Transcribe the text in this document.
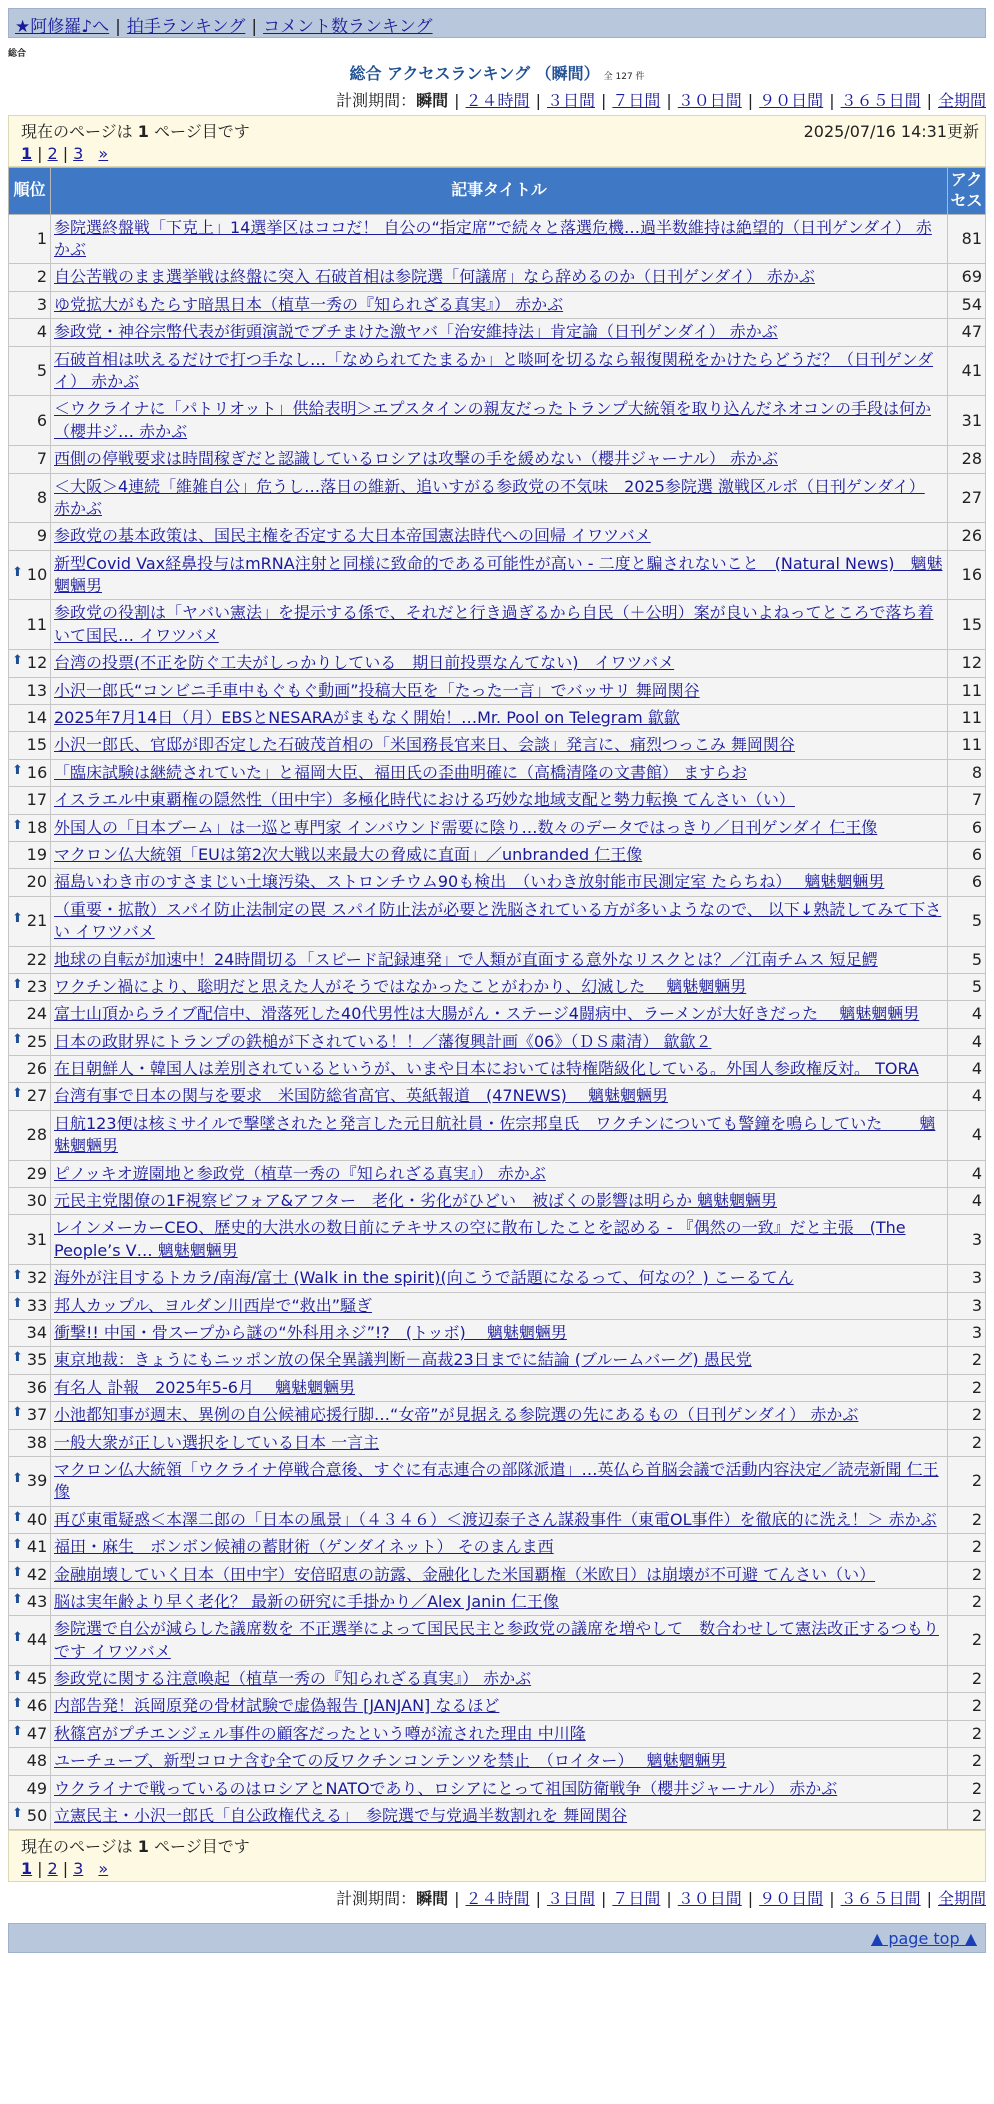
★阿修羅♪へ | 拍手ランキング | コメント数ランキング
総合
総合 アクセスランキング （瞬間） 全 127 件
計測期間：瞬間 | ２４時間 | ３日間 | ７日間 | ３０日間 | ９０日間 | ３６５日間 | 全期間
現在のページは 1 ページ目です	2025/07/16 14:31更新
1 | 2 | 3 »
順位	記事タイトル	アクセス
1	参院選終盤戦「下克上」14選挙区はココだ！ 自公の“指定席”で続々と落選危機…過半数維持は絶望的（日刊ゲンダイ） 赤かぶ	81
2	自公苦戦のまま選挙戦は終盤に突入 石破首相は参院選「何議席」なら辞めるのか（日刊ゲンダイ） 赤かぶ	69
3	ゆ党拡大がもたらす暗黒日本（植草一秀の『知られざる真実』） 赤かぶ	54
4	参政党・神谷宗幣代表が街頭演説でブチまけた激ヤバ「治安維持法」肯定論（日刊ゲンダイ） 赤かぶ	47
5	石破首相は吠えるだけで打つ手なし…「なめられてたまるか」と啖呵を切るなら報復関税をかけたらどうだ？（日刊ゲンダイ） 赤かぶ	41
6	＜ウクライナに「パトリオット」供給表明＞エプスタインの親友だったトランプ大統領を取り込んだネオコンの手段は何か（櫻井ジ… 赤かぶ	31
7	西側の停戦要求は時間稼ぎだと認識しているロシアは攻撃の手を緩めない（櫻井ジャーナル） 赤かぶ	28
8	＜大阪＞4連続「維雑自公」危うし…落日の維新、追いすがる参政党の不気味　2025参院選 激戦区ルポ（日刊ゲンダイ） 赤かぶ	27
9	参政党の基本政策は、国民主権を否定する大日本帝国憲法時代への回帰 イワツバメ	26

⬆ 10	新型Covid Vax経鼻投与はmRNA注射と同様に致命的である可能性が高い - 二度と騙されないこと　(Natural News)　魑魅魍魎男	16
11	参政党の役割は「ヤバい憲法」を提示する係で、それだと行き過ぎるから自民（＋公明）案が良いよねってところで落ち着いて国民… イワツバメ	15

⬆ 12	台湾の投票(不正を防ぐ工夫がしっかりしている　期日前投票なんてない)　イワツバメ	12
13	小沢一郎氏“コンビニ手車中もぐもぐ動画”投稿大臣を「たった一言」でバッサリ 舞岡関谷	11
14	2025年7月14日（月）EBSとNESARAがまもなく開始！…Mr. Pool on Telegram 歙歙	11
15	小沢一郎氏、官邸が即否定した石破茂首相の「米国務長官来日、会談」発言に、痛烈つっこみ 舞岡関谷	11

⬆ 16	「臨床試験は継続されていた」と福岡大臣、福田氏の歪曲明確に（高橋清隆の文書館） ますらお	8
17	イスラエル中東覇権の隠然性（田中宇）多極化時代における巧妙な地域支配と勢力転換 てんさい（い）	7

⬆ 18	外国人の「日本ブーム」は一巡と専門家 インバウンド需要に陰り…数々のデータではっきり／日刊ゲンダイ 仁王像	6
19	マクロン仏大統領「EUは第2次大戦以来最大の脅威に直面」／unbranded 仁王像	6
20	福島いわき市のすさまじい土壌汚染、ストロンチウム90も検出　（いわき放射能市民測定室 たらちね）　 魑魅魍魎男	6

⬆ 21	（重要・拡散）スパイ防止法制定の罠 スパイ防止法が必要と洗脳されている方が多いようなので、 以下↓熟読してみて下さい イワツバメ	5
22	地球の自転が加速中！24時間切る「スピード記録連発」で人類が直面する意外なリスクとは？／江南チムス 短足鰐	5

⬆ 23	ワクチン禍により、聡明だと思えた人がそうではなかったことがわかり、幻滅した　 魑魅魍魎男	5
24	富士山頂からライブ配信中、滑落死した40代男性は大腸がん・ステージ4闘病中、ラーメンが大好きだった　 魑魅魍魎男	4

⬆ 25	日本の政財界にトランプの鉄槌が下されている！！／藩復興計画《06》（ＤＳ粛清） 歙歙２	4
26	在日朝鮮人・韓国人は差別されているというが、いまや日本においては特権階級化している。外国人参政権反対。 TORA	4

⬆ 27	台湾有事で日本の関与を要求　米国防総省高官、英紙報道　(47NEWS)　 魑魅魍魎男	4
28	日航123便は核ミサイルで撃墜されたと発言した元日航社員・佐宗邦皇氏　ワクチンについても警鐘を鳴らしていた　　 魑魅魍魎男	4
29	ピノッキオ遊園地と参政党（植草一秀の『知られざる真実』） 赤かぶ	4
30	元民主党閣僚の1F視察ビフォア&アフター　老化・劣化がひどい　被ばくの影響は明らか 魑魅魍魎男	4
31	レインメーカーCEO、歴史的大洪水の数日前にテキサスの空に散布したことを認める - 『偶然の一致』だと主張　(The People’s V… 魑魅魍魎男	3

⬆ 32	海外が注目するトカラ/南海/富士 (Walk in the spirit)(向こうで話題になるって、何なの？) こーるてん	3

⬆ 33	邦人カップル、ヨルダン川西岸で“救出”騒ぎ	3
34	衝撃!! 中国・骨スープから謎の“外科用ネジ”!?　(トッボ)　 魑魅魍魎男	3

⬆ 35	東京地裁：きょうにもニッポン放の保全異議判断－高裁23日までに結論 (ブルームバーグ) 愚民党	2
36	有名人 訃報　2025年5-6月　 魑魅魍魎男	2

⬆ 37	小池都知事が週末、異例の自公候補応援行脚…“女帝”が見据える参院選の先にあるもの（日刊ゲンダイ） 赤かぶ	2
38	一般大衆が正しい選択をしている日本 一言主	2

⬆ 39	マクロン仏大統領「ウクライナ停戦合意後、すぐに有志連合の部隊派遣」…英仏ら首脳会議で活動内容決定／読売新聞 仁王像	2

⬆ 40	再び東電疑惑＜本澤二郎の「日本の風景」（４３４６）＜渡辺泰子さん謀殺事件（東電OL事件）を徹底的に洗え！＞ 赤かぶ	2

⬆ 41	福田・麻生　ボンボン候補の蓄財術（ゲンダイネット） そのまんま西	2

⬆ 42	金融崩壊していく日本（田中宇）安倍昭恵の訪露、金融化した米国覇権（米欧日）は崩壊が不可避 てんさい（い）	2

⬆ 43	脳は実年齢より早く老化？ 最新の研究に手掛かり／Alex Janin 仁王像	2

⬆ 44	参院選で自公が減らした議席数を 不正選挙によって国民民主と参政党の議席を増やして　数合わせして憲法改正するつもりです イワツバメ	2

⬆ 45	参政党に関する注意喚起（植草一秀の『知られざる真実』） 赤かぶ	2

⬆ 46	内部告発！浜岡原発の骨材試験で虚偽報告 [JANJAN] なるほど	2

⬆ 47	秋篠宮がプチエンジェル事件の顧客だったという噂が流された理由 中川隆	2
48	ユーチューブ、新型コロナ含む全ての反ワクチンコンテンツを禁止　（ロイター）　 魑魅魍魎男	2
49	ウクライナで戦っているのはロシアとNATOであり、ロシアにとって祖国防衛戦争（櫻井ジャーナル） 赤かぶ	2

⬆ 50	立憲民主・小沢一郎氏「自公政権代える」　参院選で与党過半数割れを 舞岡関谷	2
現在のページは 1 ページ目です
1 | 2 | 3 »
計測期間：瞬間 | ２４時間 | ３日間 | ７日間 | ３０日間 | ９０日間 | ３６５日間 | 全期間
▲ page top ▲
